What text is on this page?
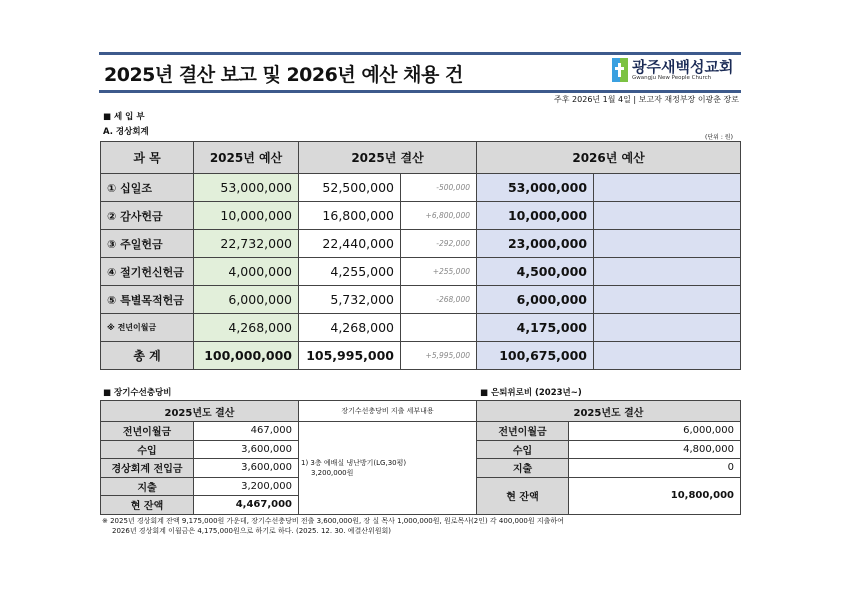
2025년 결산 보고 및 2026년 예산 채용 건	광주새백성교회
Gwangju New People Church
주후 2026년 1월 4일 | 보고자 재정부장 이광춘 장로
■ 세 입 부
A. 경상회계
(단위 : 원)
과 목	2025년 예산	2025년 결산		2026년 예산	
① 십일조	53,000,000	52,500,000	-500,000	53,000,000	
② 감사헌금	10,000,000	16,800,000	+6,800,000	10,000,000	
③ 주일헌금	22,732,000	22,440,000	-292,000	23,000,000	
④ 절기헌신헌금	4,000,000	4,255,000	+255,000	4,500,000	
⑤ 특별목적헌금	6,000,000	5,732,000	-268,000	6,000,000	
※ 전년이월금	4,268,000	4,268,000		4,175,000	
총 계	100,000,000	105,995,000	+5,995,000	100,675,000	
■ 장기수선충당비	■ 은퇴위로비 (2023년~)
2025년도 결산		장기수선충당비 지출 세부내용
전년이월금	467,000	1) 3층 예배실 냉난방기(LG,30평)
3,200,000원

수입	3,600,000	
경상회계 전입금	3,600,000	
지출	3,200,000	
현 잔액	4,467,000	
2025년도 결산	
전년이월금	6,000,000
수입	4,800,000
지출	0
현 잔액	10,800,000
※ 2025년 경상회계 잔액 9,175,000원 가운데, 장기수선충당비 전출 3,600,000원, 장 실 목사 1,000,000원, 원로목사(2인) 각 400,000원 지출하여
2026년 경상회계 이월금은 4,175,000원으로 하기로 하다. (2025. 12. 30. 예결산위원회)
